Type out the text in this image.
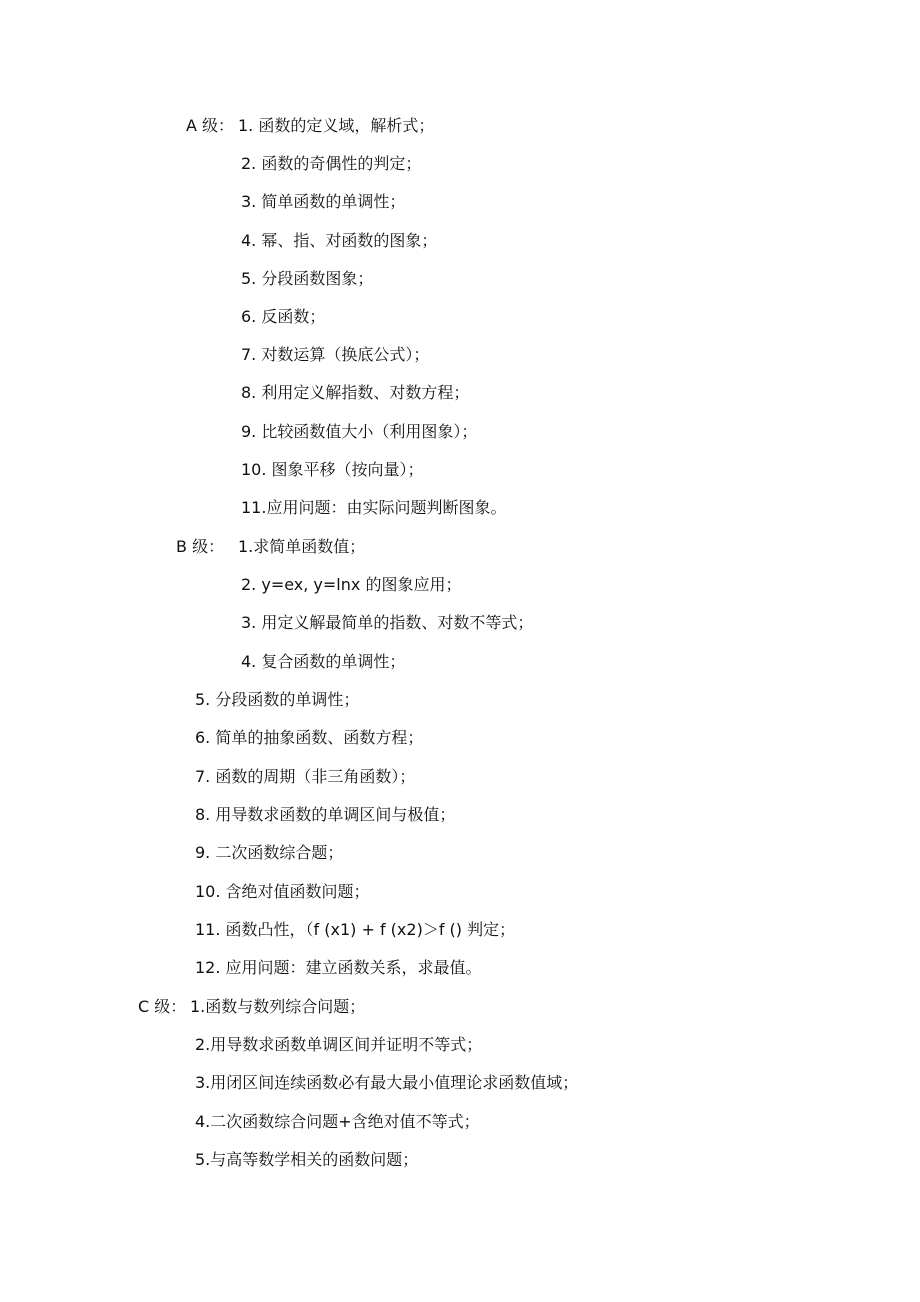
A 级： 1. 函数的定义域，解析式；
2. 函数的奇偶性的判定；
3. 简单函数的单调性；
4. 幂、指、对函数的图象；
5. 分段函数图象；
6. 反函数；
7. 对数运算（换底公式）；
8. 利用定义解指数、对数方程；
9. 比较函数值大小（利用图象）；
10. 图象平移（按向量）；
11.应用问题：由实际问题判断图象。
B 级： 1.求简单函数值；
2. y=ex, y=lnx 的图象应用；
3. 用定义解最简单的指数、对数不等式；
4. 复合函数的单调性；
5. 分段函数的单调性；
6. 简单的抽象函数、函数方程；
7. 函数的周期（非三角函数）；
8. 用导数求函数的单调区间与极值；
9. 二次函数综合题；
10. 含绝对值函数问题；
11. 函数凸性，（f (x1) + f (x2)＞f () 判定；
12. 应用问题：建立函数关系，求最值。
C 级： 1.函数与数列综合问题；
2.用导数求函数单调区间并证明不等式；
3.用闭区间连续函数必有最大最小值理论求函数值域；
4.二次函数综合问题+含绝对值不等式；
5.与高等数学相关的函数问题；
